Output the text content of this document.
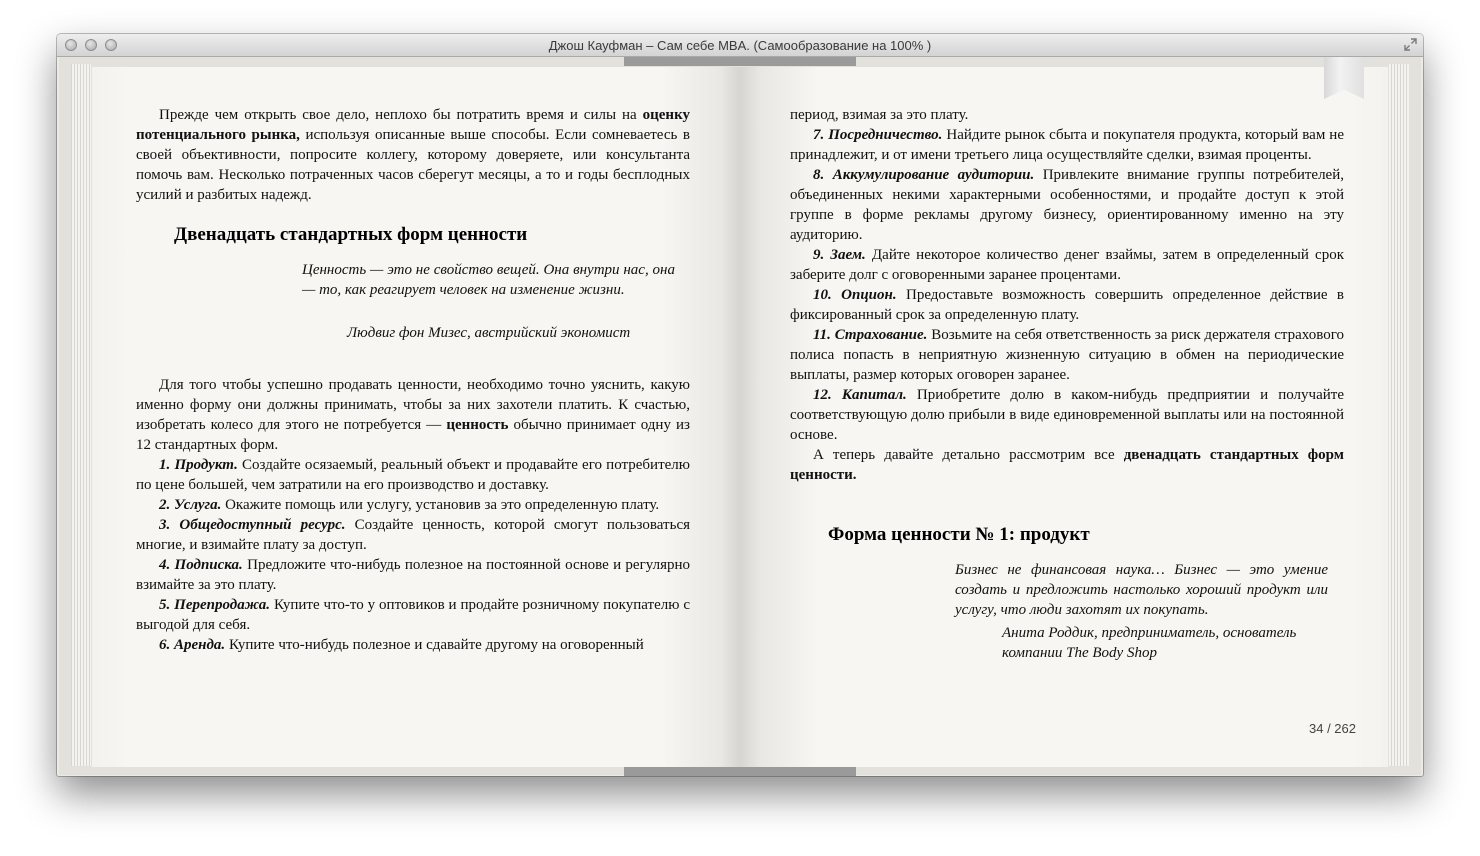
Джош Кауфман – Сам себе MBA. (Самообразование на 100% )

Прежде чем открыть свое дело, неплохо бы потратить время и силы на оценку потенциального рынка, используя описанные выше способы. Если сомневаетесь в своей объективности, попросите коллегу, которому доверяете, или консультанта помочь вам. Несколько потраченных часов сберегут месяцы, а то и годы бесплодных усилий и разбитых надежд.

Двенадцать стандартных форм ценности
Ценность — это не свойство вещей. Она внутри нас, она — то, как реагирует человек на изменение жизни.
Людвиг фон Мизес, австрийский экономист

Для того чтобы успешно продавать ценности, необходимо точно уяснить, какую именно форму они должны принимать, чтобы за них захотели платить. К счастью, изобретать колесо для этого не потребуется — ценность обычно принимает одну из 12 стандартных форм.

1. Продукт. Создайте осязаемый, реальный объект и продавайте его потребителю по цене большей, чем затратили на его производство и доставку.

2. Услуга. Окажите помощь или услугу, установив за это определенную плату.

3. Общедоступный ресурс. Создайте ценность, которой смогут пользоваться многие, и взимайте плату за доступ.

4. Подписка. Предложите что-нибудь полезное на постоянной основе и регулярно взимайте за это плату.

5. Перепродажа. Купите что-то у оптовиков и продайте розничному покупателю с выгодой для себя.

6. Аренда. Купите что-нибудь полезное и сдавайте другому на оговоренный

период, взимая за это плату.

7. Посредничество. Найдите рынок сбыта и покупателя продукта, который вам не принадлежит, и от имени третьего лица осуществляйте сделки, взимая проценты.

8. Аккумулирование аудитории. Привлеките внимание группы потребителей, объединенных некими характерными особенностями, и продайте доступ к этой группе в форме рекламы другому бизнесу, ориентированному именно на эту аудиторию.

9. Заем. Дайте некоторое количество денег взаймы, затем в определенный срок заберите долг с оговоренными заранее процентами.

10. Опцион. Предоставьте возможность совершить определенное действие в фиксированный срок за определенную плату.

11. Страхование. Возьмите на себя ответственность за риск держателя страхового полиса попасть в неприятную жизненную ситуацию в обмен на периодические выплаты, размер которых оговорен заранее.

12. Капитал. Приобретите долю в каком-нибудь предприятии и получайте соответствующую долю прибыли в виде единовременной выплаты или на постоянной основе.

А теперь давайте детально рассмотрим все двенадцать стандартных форм ценности.

Форма ценности № 1: продукт
Бизнес не финансовая наука… Бизнес — это умение создать и предложить настолько хороший продукт или услугу, что люди захотят их покупать.
Анита Роддик, предприниматель, основатель компании The Body Shop
34 / 262
